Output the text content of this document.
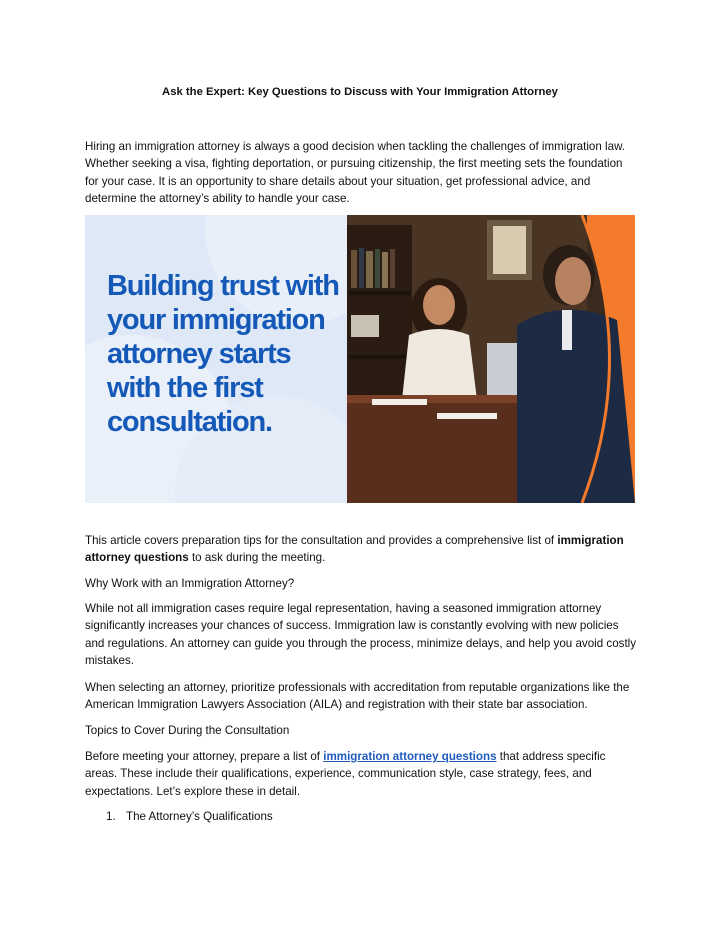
Ask the Expert: Key Questions to Discuss with Your Immigration Attorney

Hiring an immigration attorney is always a good decision when tackling the challenges of immigration law. Whether seeking a visa, fighting deportation, or pursuing citizenship, the first meeting sets the foundation for your case. It is an opportunity to share details about your situation, get professional advice, and determine the attorney’s ability to handle your case.

Building trust with your immigration attorney starts with the first consultation.

This article covers preparation tips for the consultation and provides a comprehensive list of immigration attorney questions to ask during the meeting.

Why Work with an Immigration Attorney?

While not all immigration cases require legal representation, having a seasoned immigration attorney significantly increases your chances of success. Immigration law is constantly evolving with new policies and regulations. An attorney can guide you through the process, minimize delays, and help you avoid costly mistakes.

When selecting an attorney, prioritize professionals with accreditation from reputable organizations like the American Immigration Lawyers Association (AILA) and registration with their state bar association.

Topics to Cover During the Consultation

Before meeting your attorney, prepare a list of immigration attorney questions that address specific areas. These include their qualifications, experience, communication style, case strategy, fees, and expectations. Let’s explore these in detail.

1. The Attorney’s Qualifications
